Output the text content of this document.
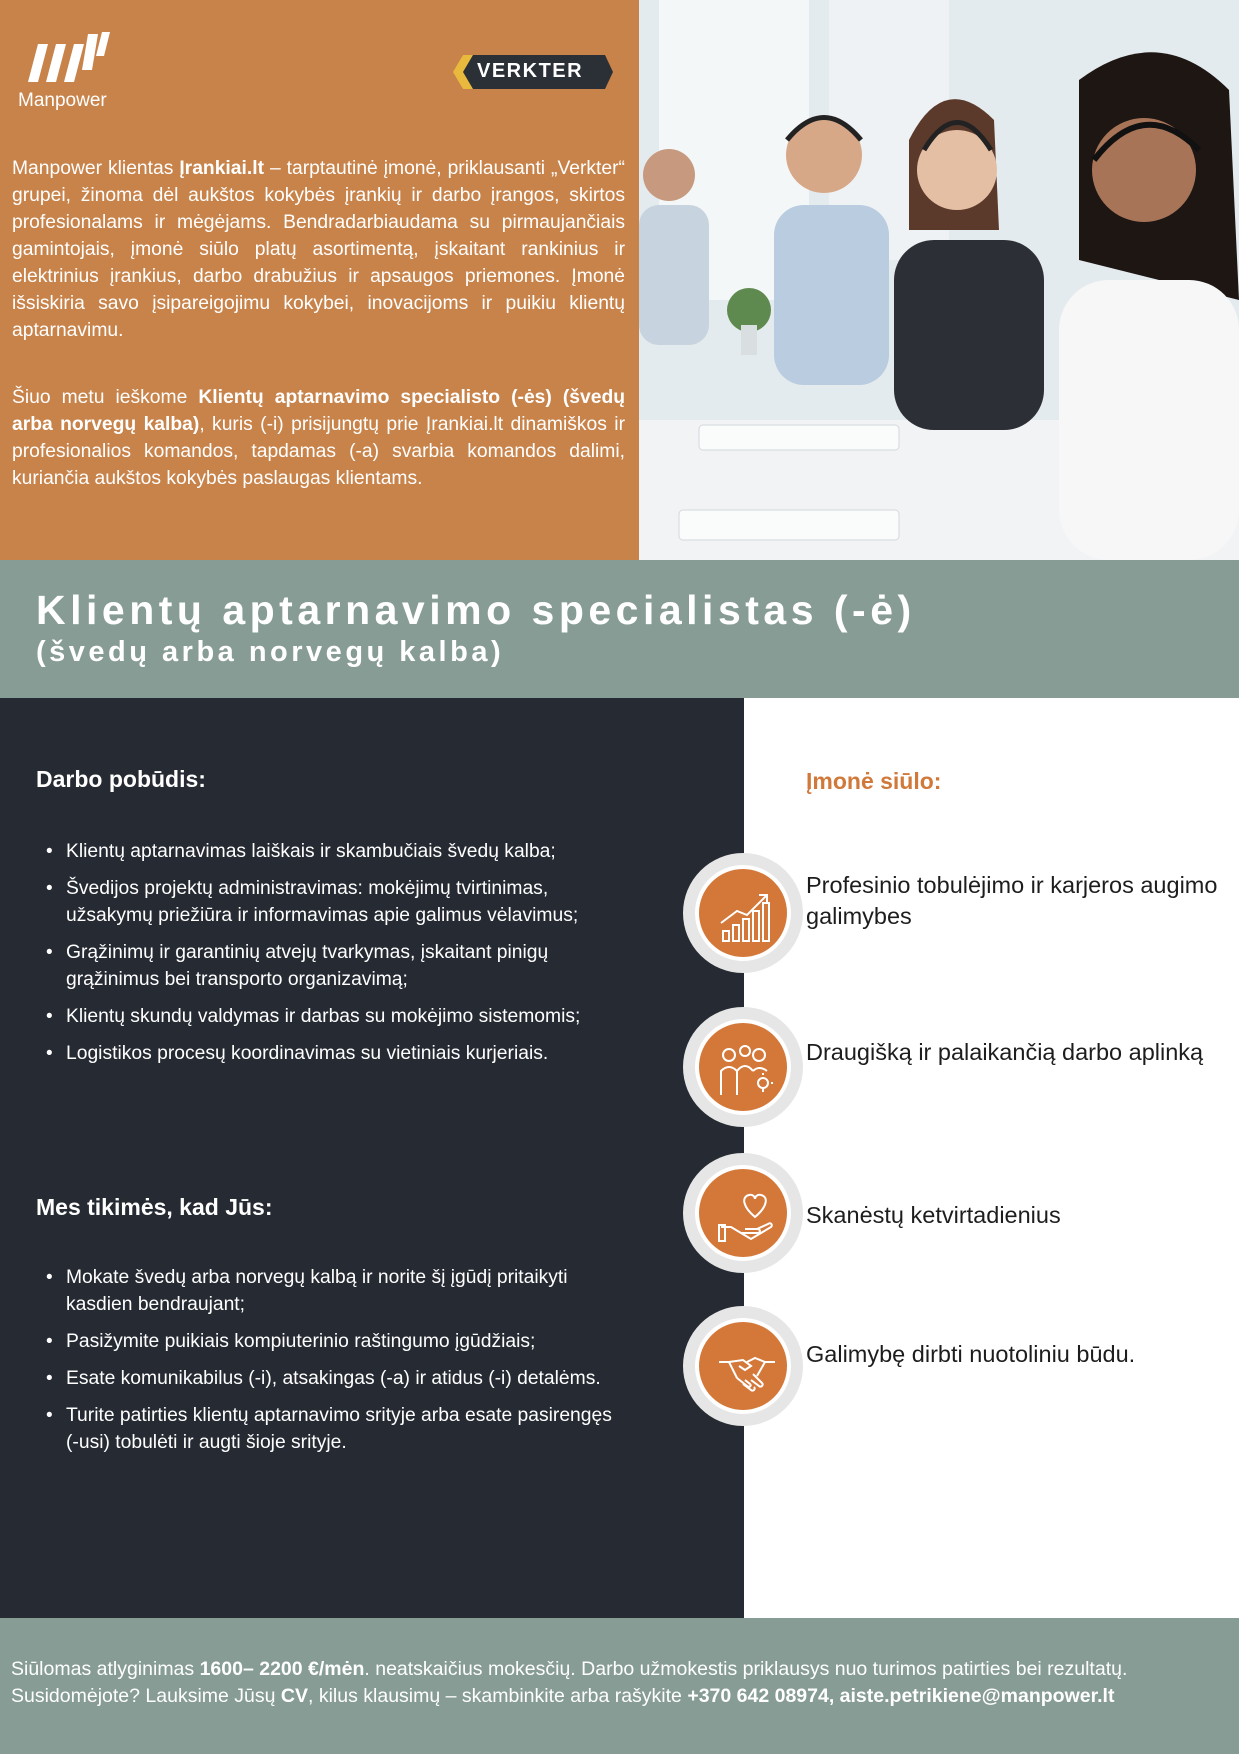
Manpower
VERKTER

Manpower klientas Įrankiai.lt – tarptautinė įmonė, priklausanti „Verkter“ grupei, žinoma dėl aukštos kokybės įrankių ir darbo įrangos, skirtos profesionalams ir mėgėjams. Bendradarbiaudama su pirmaujančiais gamintojais, įmonė siūlo platų asortimentą, įskaitant rankinius ir elektrinius įrankius, darbo drabužius ir apsaugos priemones. Įmonė išsiskiria savo įsipareigojimu kokybei, inovacijoms ir puikiu klientų aptarnavimu.

Šiuo metu ieškome Klientų aptarnavimo specialisto (-ės) (švedų arba norvegų kalba), kuris (-i) prisijungtų prie Įrankiai.lt dinamiškos ir profesionalios komandos, tapdamas (-a) svarbia komandos dalimi, kuriančia aukštos kokybės paslaugas klientams.

Klientų aptarnavimo specialistas (-ė)
(švedų arba norvegų kalba)
Darbo pobūdis:
• Klientų aptarnavimas laiškais ir skambučiais švedų kalba;
• Švedijos projektų administravimas: mokėjimų tvirtinimas, užsakymų priežiūra ir informavimas apie galimus vėlavimus;
• Grąžinimų ir garantinių atvejų tvarkymas, įskaitant pinigų grąžinimus bei transporto organizavimą;
• Klientų skundų valdymas ir darbas su mokėjimo sistemomis;
• Logistikos procesų koordinavimas su vietiniais kurjeriais.
Mes tikimės, kad Jūs:
• Mokate švedų arba norvegų kalbą ir norite šį įgūdį pritaikyti kasdien bendraujant;
• Pasižymite puikiais kompiuterinio raštingumo įgūdžiais;
• Esate komunikabilus (-i), atsakingas (-a) ir atidus (-i) detalėms.
• Turite patirties klientų aptarnavimo srityje arba esate pasirengęs (-usi) tobulėti ir augti šioje srityje.
Įmonė siūlo:
Profesinio tobulėjimo ir karjeros augimo galimybes
Draugišką ir palaikančią darbo aplinką
Skanėstų ketvirtadienius
Galimybę dirbti nuotoliniu būdu.
Siūlomas atlyginimas 1600– 2200 €/mėn. neatskaičius mokesčių. Darbo užmokestis priklausys nuo turimos patirties bei rezultatų.
Susidomėjote? Lauksime Jūsų CV, kilus klausimų – skambinkite arba rašykite +370 642 08974, aiste.petrikiene@manpower.lt
